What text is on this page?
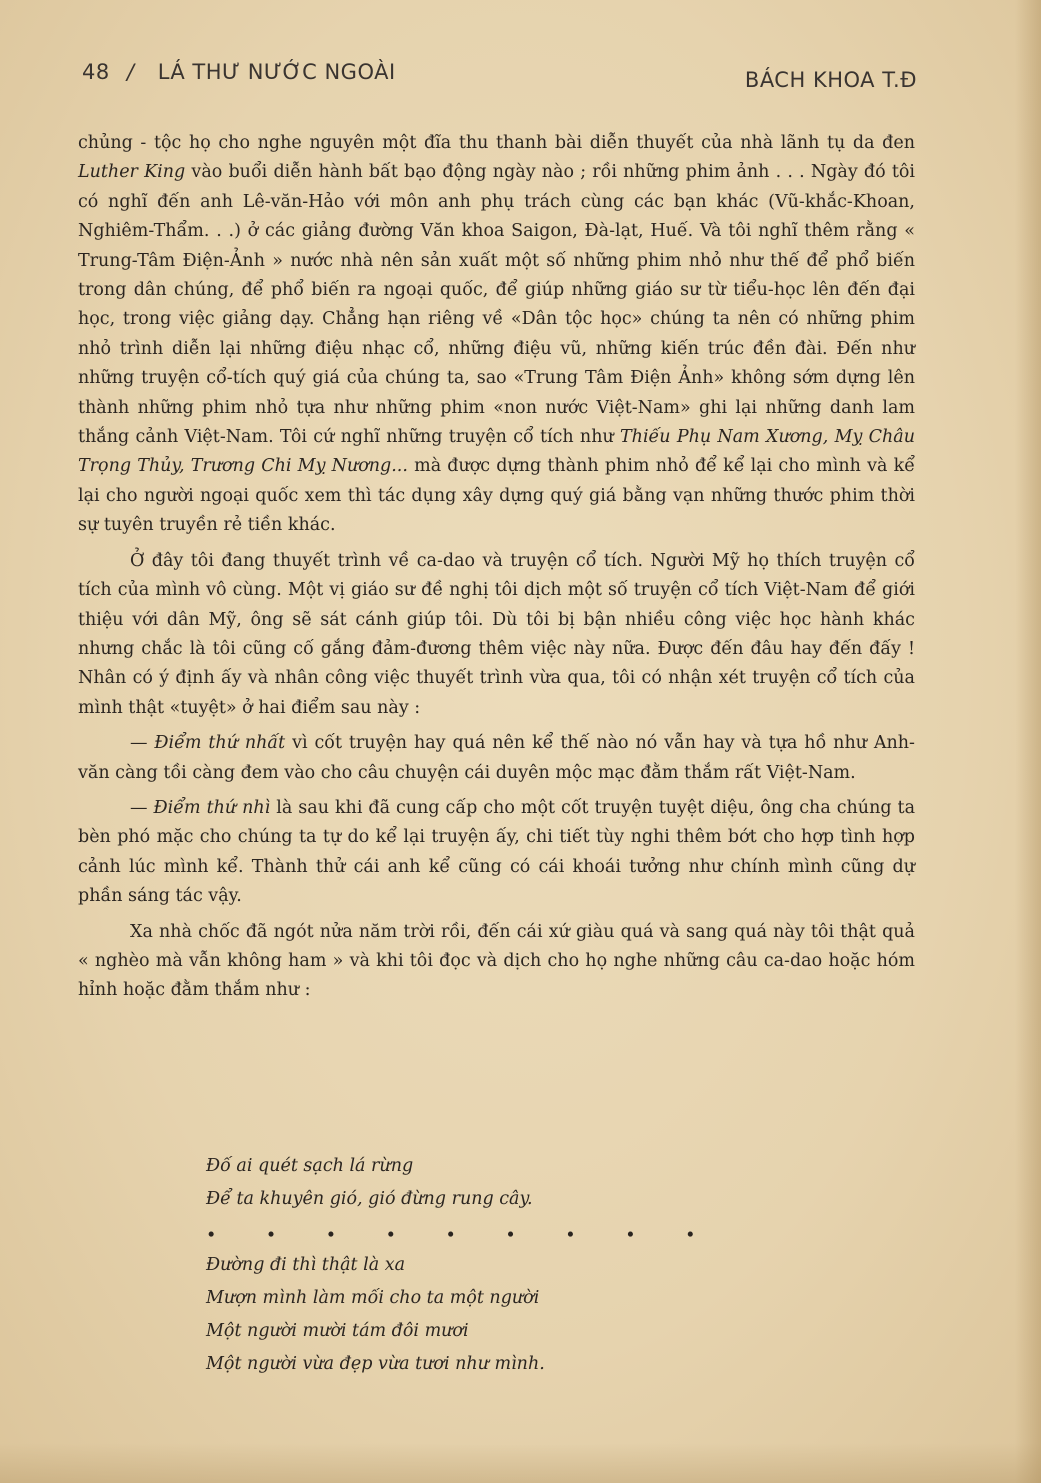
48 / LÁ THƯ NƯỚC NGOÀI	BÁCH KHOA T.Đ

chủng - tộc họ cho nghe nguyên một đĩa thu thanh bài diễn thuyết của nhà lãnh tụ da đen Luther King vào buổi diễn hành bất bạo động ngày nào ; rồi những phim ảnh . . . Ngày đó tôi có nghĩ đến anh Lê-văn-Hảo với môn anh phụ trách cùng các bạn khác (Vũ-khắc-Khoan, Nghiêm-Thẩm. . .) ở các giảng đường Văn khoa Saigon, Đà-lạt, Huế. Và tôi nghĩ thêm rằng « Trung-Tâm Điện-Ảnh » nước nhà nên sản xuất một số những phim nhỏ như thế để phổ biến trong dân chúng, để phổ biến ra ngoại quốc, để giúp những giáo sư từ tiểu-học lên đến đại học, trong việc giảng dạy. Chẳng hạn riêng về «Dân tộc học» chúng ta nên có những phim nhỏ trình diễn lại những điệu nhạc cổ, những điệu vũ, những kiến trúc đền đài. Đến như những truyện cổ-tích quý giá của chúng ta, sao «Trung Tâm Điện Ảnh» không sớm dựng lên thành những phim nhỏ tựa như những phim «non nước Việt-Nam» ghi lại những danh lam thắng cảnh Việt-Nam. Tôi cứ nghĩ những truyện cổ tích như Thiếu Phụ Nam Xương, Mỵ Châu Trọng Thủy, Trương Chi Mỵ Nương... mà được dựng thành phim nhỏ để kể lại cho mình và kể lại cho người ngoại quốc xem thì tác dụng xây dựng quý giá bằng vạn những thước phim thời sự tuyên truyền rẻ tiền khác.

Ở đây tôi đang thuyết trình về ca-dao và truyện cổ tích. Người Mỹ họ thích truyện cổ tích của mình vô cùng. Một vị giáo sư đề nghị tôi dịch một số truyện cổ tích Việt-Nam để giới thiệu với dân Mỹ, ông sẽ sát cánh giúp tôi. Dù tôi bị bận nhiều công việc học hành khác nhưng chắc là tôi cũng cố gắng đảm-đương thêm việc này nữa. Được đến đâu hay đến đấy ! Nhân có ý định ấy và nhân công việc thuyết trình vừa qua, tôi có nhận xét truyện cổ tích của mình thật «tuyệt» ở hai điểm sau này :

— Điểm thứ nhất vì cốt truyện hay quá nên kể thế nào nó vẫn hay và tựa hồ như Anh-văn càng tồi càng đem vào cho câu chuyện cái duyên mộc mạc đằm thắm rất Việt-Nam.

— Điểm thứ nhì là sau khi đã cung cấp cho một cốt truyện tuyệt diệu, ông cha chúng ta bèn phó mặc cho chúng ta tự do kể lại truyện ấy, chi tiết tùy nghi thêm bớt cho hợp tình hợp cảnh lúc mình kể. Thành thử cái anh kể cũng có cái khoái tưởng như chính mình cũng dự phần sáng tác vậy.

Xa nhà chốc đã ngót nửa năm trời rồi, đến cái xứ giàu quá và sang quá này tôi thật quả « nghèo mà vẫn không ham » và khi tôi đọc và dịch cho họ nghe những câu ca-dao hoặc hóm hỉnh hoặc đằm thắm như :

Đố ai quét sạch lá rừng
Để ta khuyên gió, gió đừng rung cây.
• • • • • • • • •
Đường đi thì thật là xa
Mượn mình làm mối cho ta một người
Một người mười tám đôi mươi
Một người vừa đẹp vừa tươi như mình.
